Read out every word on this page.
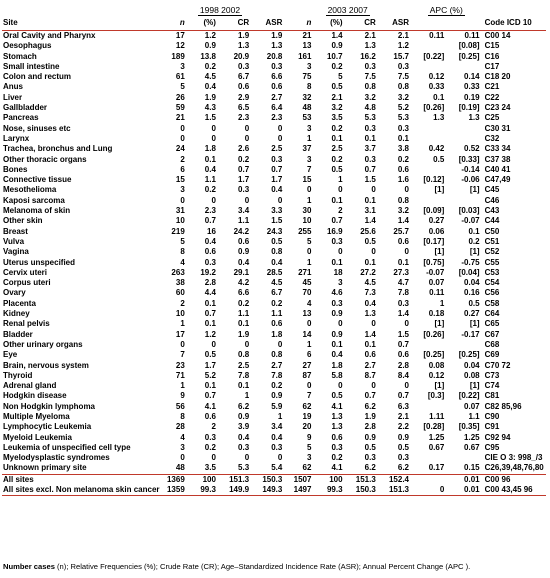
	1998 2002				2003 2007				APC (%)		
Site	n	(%)	CR	ASR	n	(%)	CR	ASR			Code ICD 10
Oral Cavity and Pharynx	17	1.2	1.9	1.9	21	1.4	2.1	2.1	0.11	0.11	C00 14
Oesophagus	12	0.9	1.3	1.3	13	0.9	1.3	1.2		[0.08]	C15
Stomach	189	13.8	20.9	20.8	161	10.7	16.2	15.7	[0.22]	[0.25]	C16
Small intestine	3	0.2	0.3	0.3	3	0.2	0.3	0.3			C17
Colon and rectum	61	4.5	6.7	6.6	75	5	7.5	7.5	0.12	0.14	C18 20
Anus	5	0.4	0.6	0.6	8	0.5	0.8	0.8	0.33	0.33	C21
Liver	26	1.9	2.9	2.7	32	2.1	3.2	3.2	0.1	0.19	C22
Gallbladder	59	4.3	6.5	6.4	48	3.2	4.8	5.2	[0.26]	[0.19]	C23 24
Pancreas	21	1.5	2.3	2.3	53	3.5	5.3	5.3	1.3	1.3	C25
Nose, sinuses etc	0	0	0	0	3	0.2	0.3	0.3			C30 31
Larynx	0	0	0	0	1	0.1	0.1	0.1			C32
Trachea, bronchus and Lung	24	1.8	2.6	2.5	37	2.5	3.7	3.8	0.42	0.52	C33 34
Other thoracic organs	2	0.1	0.2	0.3	3	0.2	0.3	0.2	0.5	[0.33]	C37 38
Bones	6	0.4	0.7	0.7	7	0.5	0.7	0.6		-0.14	C40 41
Connective tissue	15	1.1	1.7	1.7	15	1	1.5	1.6	[0.12]	-0.06	C47,49
Mesothelioma	3	0.2	0.3	0.4	0	0	0	0	[1]	[1]	C45
Kaposi sarcoma	0	0	0	0	1	0.1	0.1	0.8			C46
Melanoma of skin	31	2.3	3.4	3.3	30	2	3.1	3.2	[0.09]	[0.03]	C43
Other skin	10	0.7	1.1	1.5	10	0.7	1.4	1.4	0.27	-0.07	C44
Breast	219	16	24.2	24.3	255	16.9	25.6	25.7	0.06	0.1	C50
Vulva	5	0.4	0.6	0.5	5	0.3	0.5	0.6	[0.17]	0.2	C51
Vagina	8	0.6	0.9	0.8	0	0	0	0	[1]	[1]	C52
Uterus unspecified	4	0.3	0.4	0.4	1	0.1	0.1	0.1	[0.75]	-0.75	C55
Cervix uteri	263	19.2	29.1	28.5	271	18	27.2	27.3	-0.07	[0.04]	C53
Corpus uteri	38	2.8	4.2	4.5	45	3	4.5	4.7	0.07	0.04	C54
Ovary	60	4.4	6.6	6.7	70	4.6	7.3	7.8	0.11	0.16	C56
Placenta	2	0.1	0.2	0.2	4	0.3	0.4	0.3	1	0.5	C58
Kidney	10	0.7	1.1	1.1	13	0.9	1.3	1.4	0.18	0.27	C64
Renal pelvis	1	0.1	0.1	0.6	0	0	0	0	[1]	[1]	C65
Bladder	17	1.2	1.9	1.8	14	0.9	1.4	1.5	[0.26]	-0.17	C67
Other urinary organs	0	0	0	0	1	0.1	0.1	0.7			C68
Eye	7	0.5	0.8	0.8	6	0.4	0.6	0.6	[0.25]	[0.25]	C69
Brain, nervous system	23	1.7	2.5	2.7	27	1.8	2.7	2.8	0.08	0.04	C70 72
Thyroid	71	5.2	7.8	7.8	87	5.8	8.7	8.4	0.12	0.08	C73
Adrenal gland	1	0.1	0.1	0.2	0	0	0	0	[1]	[1]	C74
Hodgkin disease	9	0.7	1	0.9	7	0.5	0.7	0.7	[0.3]	[0.22]	C81
Non Hodgkin lymphoma	56	4.1	6.2	5.9	62	4.1	6.2	6.3		0.07	C82 85,96
Multiple Myeloma	8	0.6	0.9	1	19	1.3	1.9	2.1	1.11	1.1	C90
Lymphocytic Leukemia	28	2	3.9	3.4	20	1.3	2.8	2.2	[0.28]	[0.35]	C91
Myeloid Leukemia	4	0.3	0.4	0.4	9	0.6	0.9	0.9	1.25	1.25	C92 94
Leukemia of unspecified cell type	3	0.2	0.3	0.3	5	0.3	0.5	0.5	0.67	0.67	C95
Myelodysplastic syndromes	0	0	0	0	3	0.2	0.3	0.3			CIE O 3: 998_/3
Unknown primary site	48	3.5	5.3	5.4	62	4.1	6.2	6.2	0.17	0.15	C26,39,48,76,80
All sites	1369	100	151.3	150.3	1507	100	151.3	152.4		0.01	C00 96
All sites excl. Non melanoma skin cancer	1359	99.3	149.9	149.3	1497	99.3	150.3	151.3	0	0.01	C00 43,45 96
Number cases (n); Relative Frequencies (%); Crude Rate (CR); Age–Standardized Incidence Rate (ASR); Annual Percent Change (APC ).
